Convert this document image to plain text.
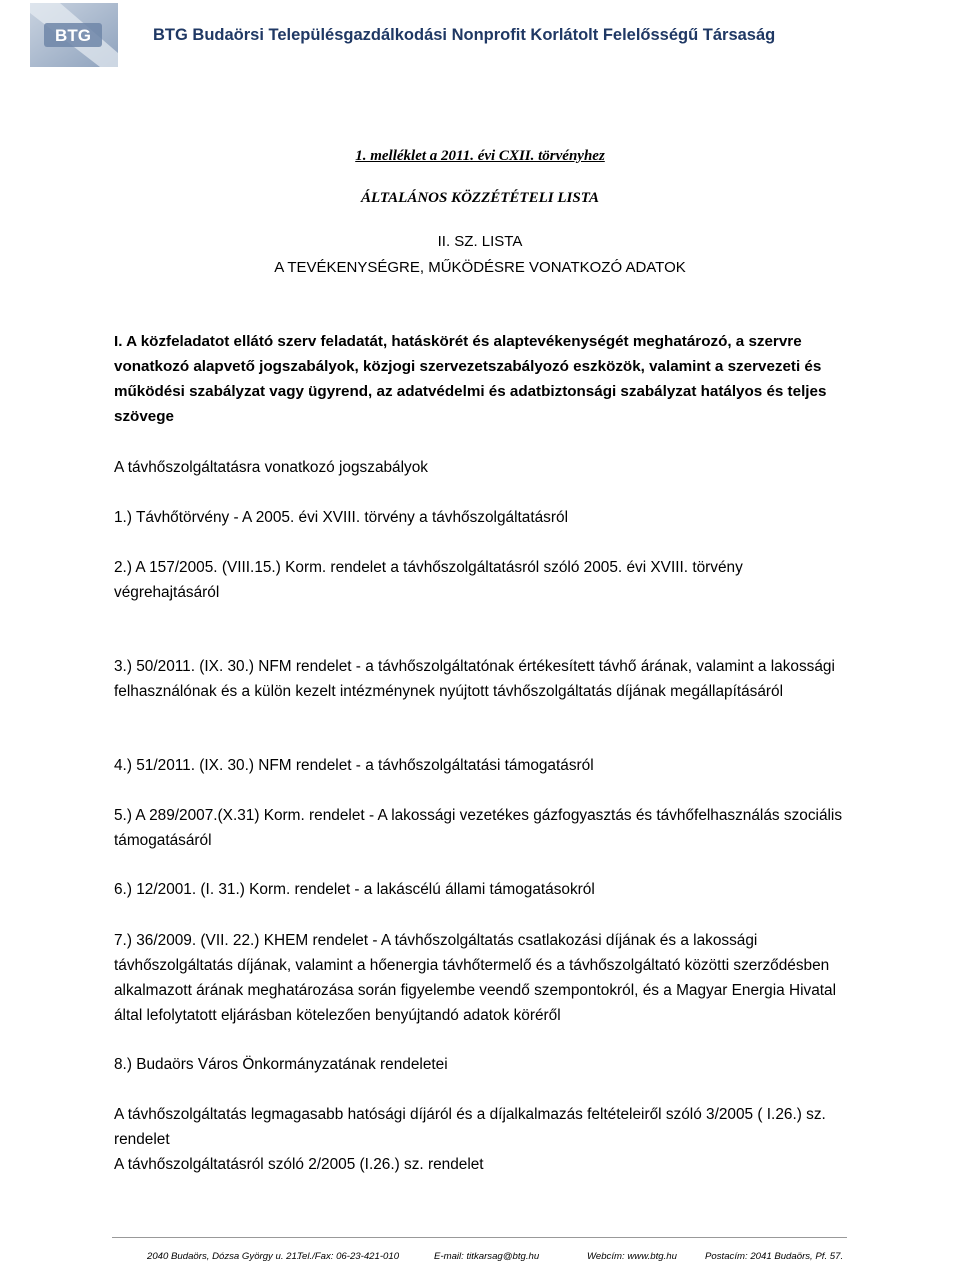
BTG	BTG Budaörsi Településgazdálkodási Nonprofit Korlátolt Felelősségű Társaság
1. melléklet a 2011. évi CXII. törvényhez
ÁLTALÁNOS KÖZZÉTÉTELI LISTA
II. SZ. LISTA
A TEVÉKENYSÉGRE, MŰKÖDÉSRE VONATKOZÓ ADATOK
I. A közfeladatot ellátó szerv feladatát, hatáskörét és alaptevékenységét meghatározó, a szervre vonatkozó alapvető jogszabályok, közjogi szervezetszabályozó eszközök, valamint a szervezeti és működési szabályzat vagy ügyrend, az adatvédelmi és adatbiztonsági szabályzat hatályos és teljes szövege
A távhőszolgáltatásra vonatkozó jogszabályok
1.) Távhőtörvény - A 2005. évi XVIII. törvény a távhőszolgáltatásról
2.) A 157/2005. (VIII.15.) Korm. rendelet a távhőszolgáltatásról szóló 2005. évi XVIII. törvény végrehajtásáról
3.) 50/2011. (IX. 30.) NFM rendelet - a távhőszolgáltatónak értékesített távhő árának, valamint a lakossági felhasználónak és a külön kezelt intézménynek nyújtott távhőszolgáltatás díjának megállapításáról
4.) 51/2011. (IX. 30.) NFM rendelet - a távhőszolgáltatási támogatásról
5.) A 289/2007.(X.31) Korm. rendelet - A lakossági vezetékes gázfogyasztás és távhőfelhasználás szociális támogatásáról
6.) 12/2001. (I. 31.) Korm. rendelet - a lakáscélú állami támogatásokról
7.) 36/2009. (VII. 22.) KHEM rendelet - A távhőszolgáltatás csatlakozási díjának és a lakossági távhőszolgáltatás díjának, valamint a hőenergia távhőtermelő és a távhőszolgáltató közötti szerződésben alkalmazott árának meghatározása során figyelembe veendő szempontokról, és a Magyar Energia Hivatal által lefolytatott eljárásban kötelezően benyújtandó adatok köréről
8.) Budaörs Város Önkormányzatának rendeletei
A távhőszolgáltatás legmagasabb hatósági díjáról és a díjalkalmazás feltételeiről szóló 3/2005 ( I.26.) sz. rendelet
A távhőszolgáltatásról szóló 2/2005 (I.26.) sz. rendelet
2040 Budaörs, Dózsa György u. 21.
Tel./Fax: 06-23-421-010	E-mail: titkarsag@btg.hu	Webcím: www.btg.hu	Postacím: 2041 Budaörs, Pf. 57.
